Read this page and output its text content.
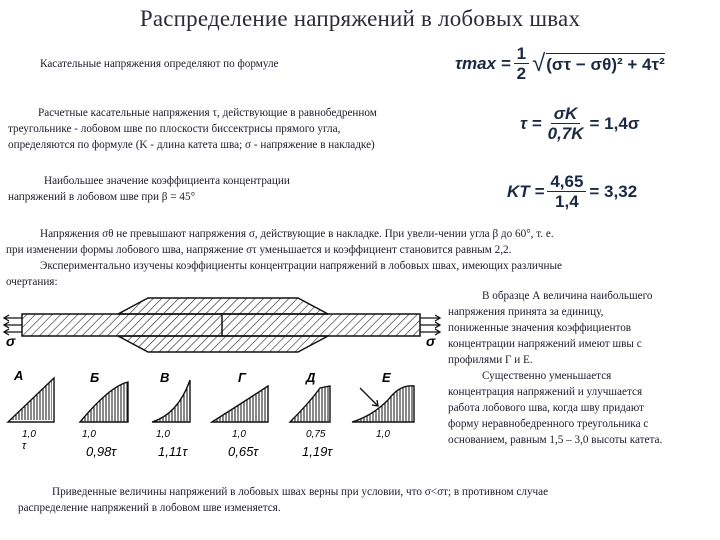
Распределение напряжений в лобовых швах
Касательные напряжения определяют по формуле	$\tau\max = \frac{1}{2}$ √ (στ − σθ)² + 4τ²
Расчетные касательные напряжения τ, действующие в равнобедренном
треугольнике - лобовом шве по плоскости биссектрисы прямого угла,
определяются по формуле (K - длина катета шва; σ - напряжение в накладке)
$\tau = \frac{\sigma K}{0,7K} = 1,4\sigma$
Наибольшее значение коэффициента концентрации
напряжений в лобовом шве при β = 45°	KT = $\frac{4,65}{1,4} = 3,32$
Напряжения σθ не превышают напряжения σ, действующие в накладке. При увели-чении угла β до 60°, т. е.
при изменении формы лобового шва, напряжение στ уменьшается и коэффициент становится равным 2,2.
Экспериментально изучены коэффициенты концентрации напряжений в лобовых швах, имеющих различные
очертания:
В образце А величина наибольшего
напряжения принята за единицу,
пониженные значения коэффициентов
концентрации напряжений имеют швы с
профилями Г и Е.
Существенно уменьшается
концентрация напряжений и улучшается
работа лобового шва, когда шву придают
форму неравнобедренного треугольника с
основанием, равным 1,5 – 3,0 высоты катета.
σ	σ
А
1,0
τ
Б
1,0
0,98τ
В
1,0
1,11τ
Г
1,0
0,65τ
Д
0,75
1,19τ
Е
1,0
Приведенные величины напряжений в лобовых швах верны при условии, что σ<σт; в противном случае
распределение напряжений в лобовом шве изменяется.
